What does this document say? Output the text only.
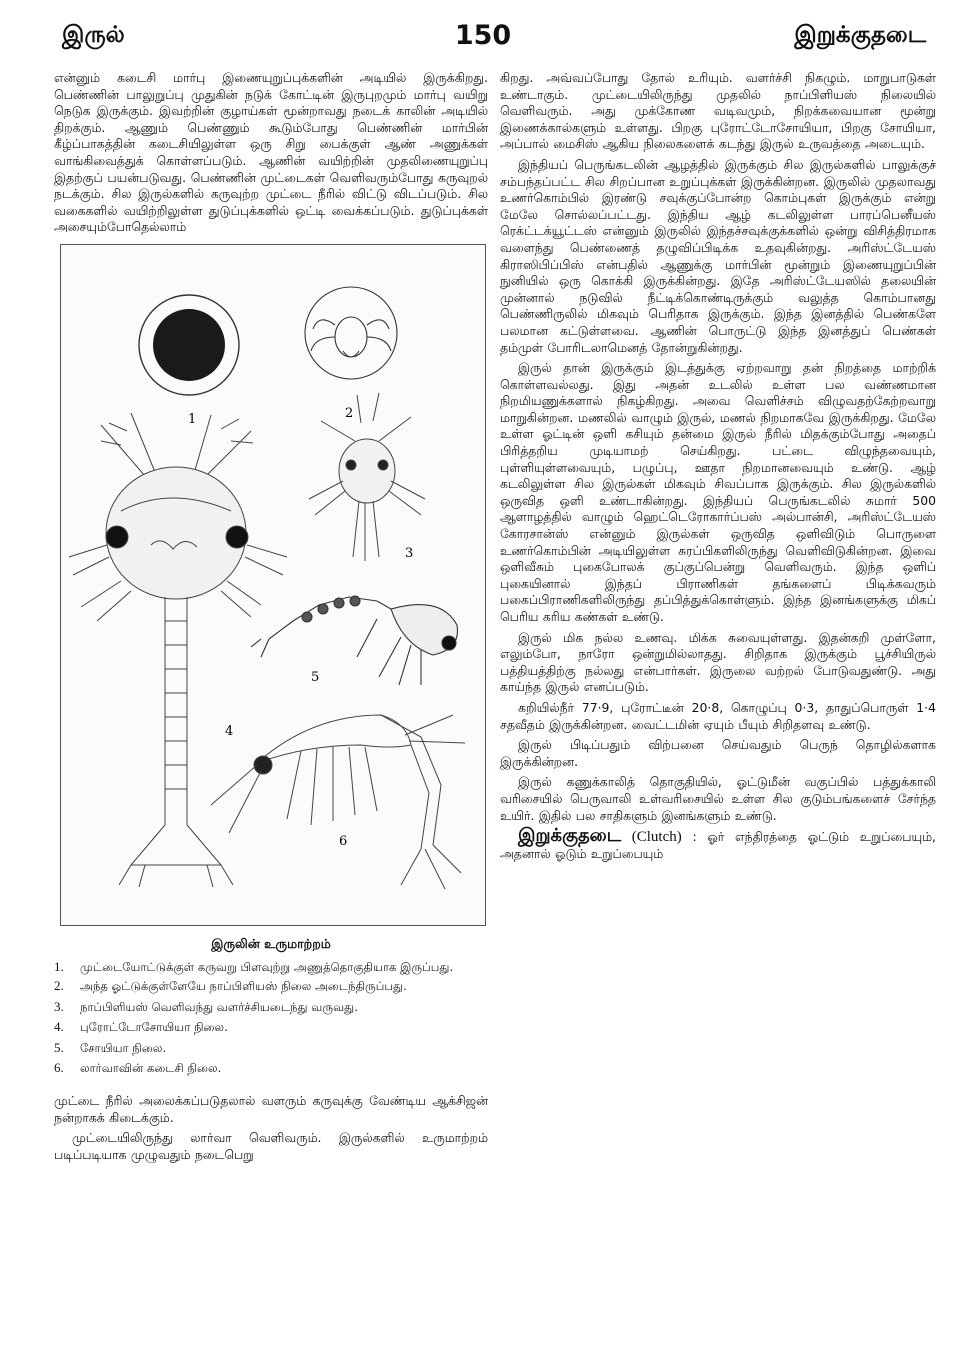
இருல்	150	இறுக்குதடை

என்னும் கடைசி மார்பு இணையுறுப்புக்களின் அடியில் இருக்கிறது. பெண்ணின் பாலுறுப்பு முதுகின் நடுக் கோட்டின் இருபுறமும் மார்பு வயிறு நெடுக இருக்கும். இவற்றின் குழாய்கள் மூன்றாவது நடைக் காலின் அடியில் திறக்கும். ஆணும் பெண்ணும் கூடும்போது பெண்ணின் மார்பின் கீழ்ப்பாகத்தின் கடைசியிலுள்ள ஒரு சிறு பைக்குள் ஆண் அணுக்கள் வாங்கிவைத்துக் கொள்ளப்படும். ஆணின் வயிற்றின் முதலிணையுறுப்பு இதற்குப் பயன்படுவது. பெண்ணின் முட்டைகள் வெளிவரும்போது கருவுறல் நடக்கும். சில இருல்களில் கருவுற்ற முட்டை நீரில் விட்டு விடப்படும். சில வகைகளில் வயிற்றிலுள்ள துடுப்புக்களில் ஒட்டி வைக்கப்படும். துடுப்புக்கள் அசையும்போதெல்லாம்

1	2
4
3
5
6
இருலின் உருமாற்றம்
1. முட்டையோட்டுக்குள் கருவறு பிளவுற்று அணுத்தொகுதியாக இருப்பது.
2. அந்த ஓட்டுக்குள்ளேயே நாப்பிளியஸ் நிலை அடைந்திருப்பது.
3. நாப்பிளியஸ் வெளிவந்து வளர்ச்சியடைந்து வருவது.
4. புரோட்டோசோயியா நிலை.
5. சோயியா நிலை.
6. லார்வாவின் கடைசி நிலை.

முட்டை நீரில் அலைக்கப்படுதலால் வளரும் கருவுக்கு வேண்டிய ஆக்சிஜன் நன்றாகக் கிடைக்கும்.

முட்டையிலிருந்து லார்வா வெளிவரும். இருல்களில் உருமாற்றம் படிப்படியாக முழுவதும் நடைபெறு

கிறது. அவ்வப்போது தோல் உரியும். வளர்ச்சி நிகழும். மாறுபாடுகள் உண்டாகும். முட்டையிலிருந்து முதலில் நாப்பிளியஸ் நிலையில் வெளிவரும். அது முக்கோண வடிவமும், நிறக்கவையான மூன்று இணைக்கால்களும் உள்ளது. பிறகு புரோட்டோசோயியா, பிறகு சோயியா, அப்பால் மைசிஸ் ஆகிய நிலைகளைக் கடந்து இருல் உருவத்தை அடையும்.

இந்தியப் பெருங்கடலின் ஆழத்தில் இருக்கும் சில இருல்களில் பாலுக்குச் சம்பந்தப்பட்ட சில சிறப்பான உறுப்புக்கள் இருக்கின்றன. இருலில் முதலாவது உணர்கொம்பில் இரண்டு சவுக்குப்போன்ற கொம்புகள் இருக்கும் என்று மேலே சொல்லப்பட்டது. இந்திய ஆழ் கடலிலுள்ள பாரப்பெனீயஸ் ரெக்ட்டக்யூட்டஸ் என்னும் இருலில் இந்தச்சவுக்குக்களில் ஒன்று விசித்திரமாக வளைந்து பெண்ணைத் தழுவிப்பிடிக்க உதவுகின்றது. அரிஸ்ட்டேயஸ் கிராஸிபிப்பிஸ் என்பதில் ஆணுக்கு மார்பின் மூன்றும் இணையுறுப்பின் நுனியில் ஒரு கொக்கி இருக்கின்றது. இதே அரிஸ்ட்டேயஸில் தலையின் முன்னால் நடுவில் நீட்டிக்கொண்டிருக்கும் வலுத்த கொம்பானது பெண்ணிருலில் மிகவும் பெரிதாக இருக்கும். இந்த இனத்தில் பெண்களே பலமான கட்டுள்ளவை. ஆணின் பொருட்டு இந்த இனத்துப் பெண்கள் தம்முள் போரிடலாமெனத் தோன்றுகின்றது.

இருல் தான் இருக்கும் இடத்துக்கு ஏற்றவாறு தன் நிறத்தை மாற்றிக் கொள்ளவல்லது. இது அதன் உடலில் உள்ள பல வண்ணமான நிறமியணுக்களால் நிகழ்கிறது. அவை வெளிச்சம் விழுவதற்கேற்றவாறு மாறுகின்றன. மணலில் வாழும் இருல், மணல் நிறமாகவே இருக்கிறது. மேலே உள்ள ஓட்டின் ஒளி கசியும் தன்மை இருல் நீரில் மிதக்கும்போது அதைப் பிரித்தறிய முடியாமற் செய்கிறது. பட்டை விழுந்தவையும், புள்ளியுள்ளவையும், பழுப்பு, ஊதா நிறமானவையும் உண்டு. ஆழ் கடலிலுள்ள சில இருல்கள் மிகவும் சிவப்பாக இருக்கும். சில இருல்களில் ஒருவித ஒளி உண்டாகின்றது. இந்தியப் பெருங்கடலில் சுமார் 500 ஆளாழத்தில் வாழும் ஹெட்டெரோகார்ப்பஸ் அல்பான்சி, அரிஸ்ட்டேயஸ் கோரசான்ஸ் என்னும் இருல்கள் ஒருவித ஒளிவிடும் பொருளை உணர்கொம்பின் அடியிலுள்ள சுரப்பிகளிலிருந்து வெளிவிடுகின்றன. இவை ஒளிவீசும் புகைபோலக் குப்குப்பென்று வெளிவரும். இந்த ஒளிப் புகையினால் இந்தப் பிராணிகள் தங்களைப் பிடிக்கவரும் பகைப்பிராணிகளிலிருந்து தப்பித்துக்கொள்ளும். இந்த இனங்களுக்கு மிகப் பெரிய கரிய கண்கள் உண்டு.

இருல் மிக நல்ல உணவு. மிக்க சுவையுள்ளது. இதன்கறி முள்ளோ, எலும்போ, நாரோ ஒன்றுமில்லாதது. சிறிதாக இருக்கும் பூச்சியிருல் பத்தியத்திற்கு நல்லது என்பார்கள். இருலை வற்றல் போடுவதுண்டு. அது காய்ந்த இருல் எனப்படும்.

கறியில்நீர் 77·9, புரோட்டீன் 20·8, கொழுப்பு 0·3, தாதுப்பொருள் 1·4 சதவீதம் இருக்கின்றன. வைட்டமின் ஏயும் பீயும் சிறிதளவு உண்டு.

இருல் பிடிப்பதும் விற்பனை செய்வதும் பெருந் தொழில்களாக இருக்கின்றன.

இருல் கணுக்காலித் தொகுதியில், ஓட்டுமீன் வகுப்பில் பத்துக்காலி வரிசையில் பெருவாலி உள்வரிசையில் உள்ள சில குடும்பங்களைச் சேர்ந்த உயிர். இதில் பல சாதிகளும் இனங்களும் உண்டு.

இறுக்குதடை (Clutch) : ஓர் எந்திரத்தை ஓட்டும் உறுப்பையும், அதனால் ஓடும் உறுப்பையும்
